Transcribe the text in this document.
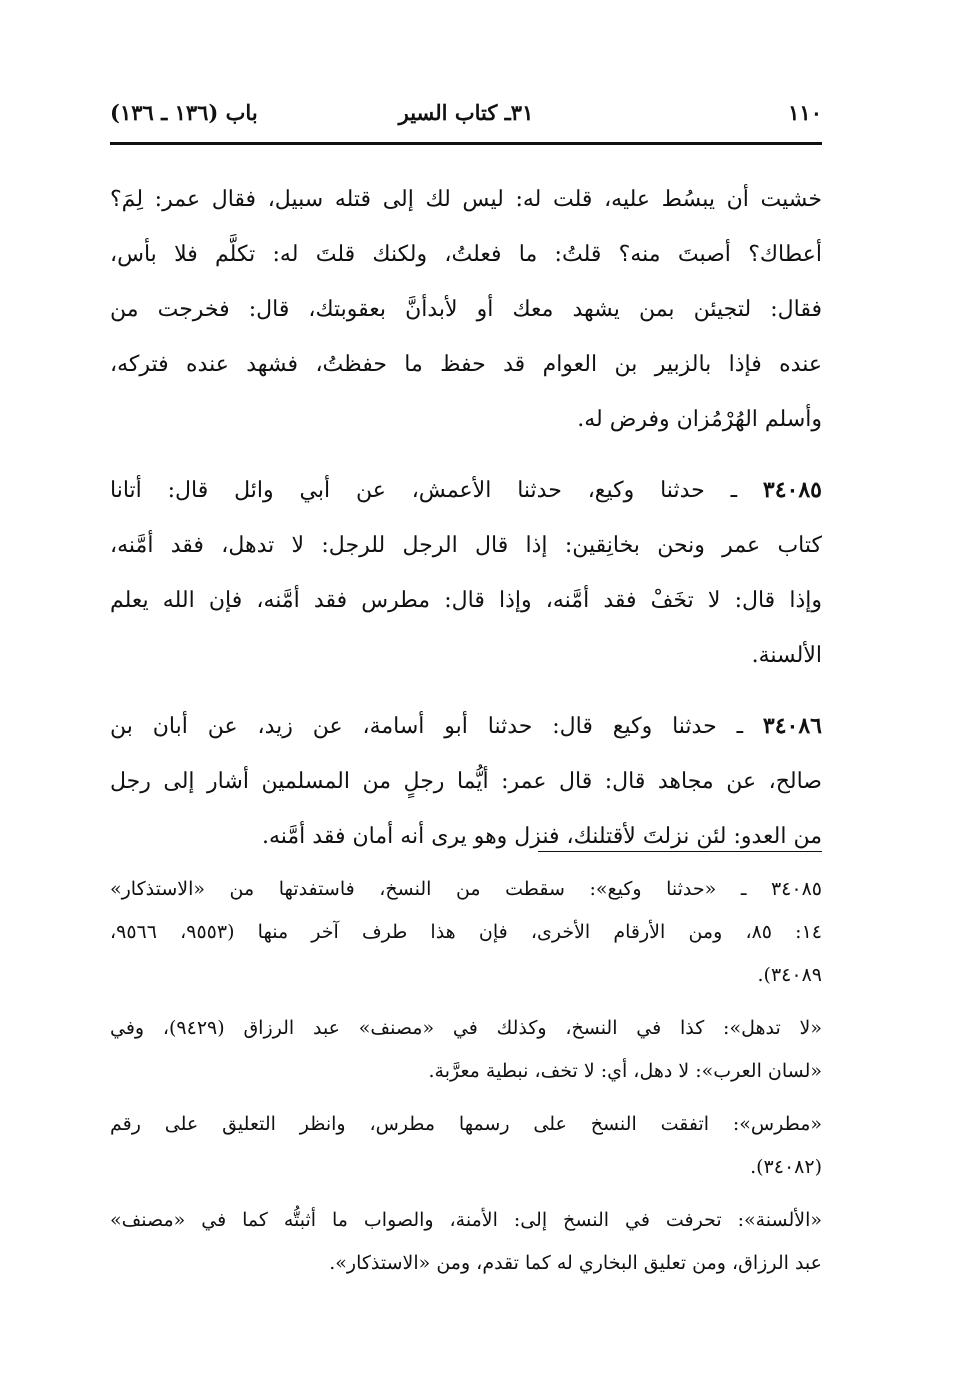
١١٠
٣١ـ كتاب السير
باب (١٣٦ ـ ١٣٦)

خشيت أن يبسُط عليه، قلت له: ليس لك إلى قتله سبيل، فقال عمر: لِمَ؟
أعطاك؟ أصبتَ منه؟ قلتُ: ما فعلتُ، ولكنك قلتَ له: تكلَّم فلا بأس،
فقال: لتجيئن بمن يشهد معك أو لأبدأنَّ بعقوبتك، قال: فخرجت من
عنده فإذا بالزبير بن العوام قد حفظ ما حفظتُ، فشهد عنده فتركه،
وأسلم الهُرْمُزان وفرض له.

٣٤٠٨٥ ـ حدثنا وكيع، حدثنا الأعمش، عن أبي وائل قال: أتانا
كتاب عمر ونحن بخانِقين: إذا قال الرجل للرجل: لا تدهل، فقد أمَّنه،
وإذا قال: لا تخَفْ فقد أمَّنه، وإذا قال: مطرس فقد أمَّنه، فإن الله يعلم
الألسنة.

٣٤٠٨٦ ـ حدثنا وكيع قال: حدثنا أبو أسامة، عن زيد، عن أبان بن
صالح، عن مجاهد قال: قال عمر: أيُّما رجلٍ من المسلمين أشار إلى رجل
من العدو: لئن نزلتَ لأقتلنك، فنزل وهو يرى أنه أمان فقد أمَّنه.

٣٤٠٨٥ ـ «حدثنا وكيع»: سقطت من النسخ، فاستفدتها من «الاستذكار»
١٤: ٨٥، ومن الأرقام الأخرى، فإن هذا طرف آخر منها (٩٥٥٣، ٩٥٦٦،
٣٤٠٨٩).

«لا تدهل»: كذا في النسخ، وكذلك في «مصنف» عبد الرزاق (٩٤٢٩)، وفي
«لسان العرب»: لا دهل، أي: لا تخف، نبطية معرَّبة.

«مطرس»: اتفقت النسخ على رسمها مطرس، وانظر التعليق على رقم
(٣٤٠٨٢).

«الألسنة»: تحرفت في النسخ إلى: الأمنة، والصواب ما أثبتُّه كما في «مصنف»
عبد الرزاق، ومن تعليق البخاري له كما تقدم، ومن «الاستذكار».
